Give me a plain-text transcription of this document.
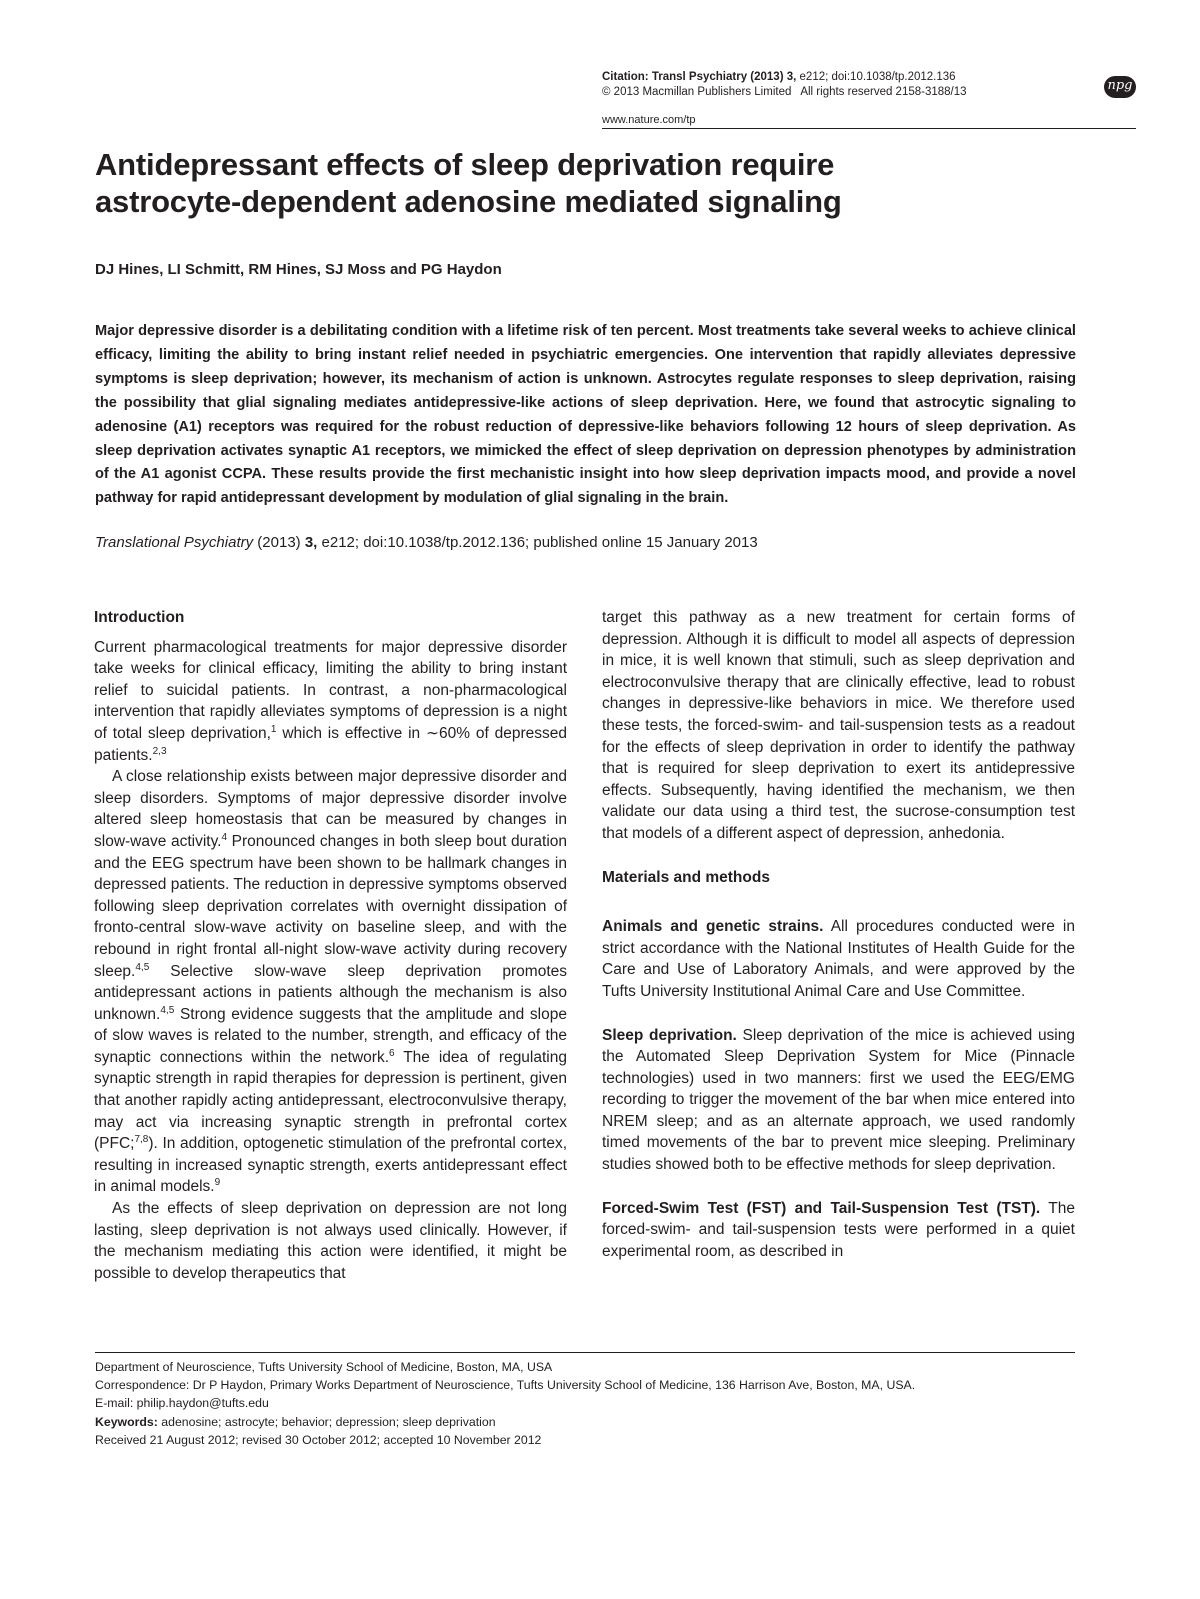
Citation: Transl Psychiatry (2013) 3, e212; doi:10.1038/tp.2012.136
© 2013 Macmillan Publishers Limited All rights reserved 2158-3188/13
www.nature.com/tp
npg
Antidepressant effects of sleep deprivation require
astrocyte-dependent adenosine mediated signaling
DJ Hines, LI Schmitt, RM Hines, SJ Moss and PG Haydon
Major depressive disorder is a debilitating condition with a lifetime risk of ten percent. Most treatments take several weeks to achieve clinical efficacy, limiting the ability to bring instant relief needed in psychiatric emergencies. One intervention that rapidly alleviates depressive symptoms is sleep deprivation; however, its mechanism of action is unknown. Astrocytes regulate responses to sleep deprivation, raising the possibility that glial signaling mediates antidepressive-like actions of sleep deprivation. Here, we found that astrocytic signaling to adenosine (A1) receptors was required for the robust reduction of depressive-like behaviors following 12 hours of sleep deprivation. As sleep deprivation activates synaptic A1 receptors, we mimicked the effect of sleep deprivation on depression phenotypes by administration of the A1 agonist CCPA. These results provide the first mechanistic insight into how sleep deprivation impacts mood, and provide a novel pathway for rapid antidepressant development by modulation of glial signaling in the brain.
Translational Psychiatry (2013) 3, e212; doi:10.1038/tp.2012.136; published online 15 January 2013
Introduction

Current pharmacological treatments for major depressive disorder take weeks for clinical efficacy, limiting the ability to bring instant relief to suicidal patients. In contrast, a non-pharmacological intervention that rapidly alleviates symptoms of depression is a night of total sleep deprivation,$^1$ which is effective in ∼60% of depressed patients.$^{2,3}$

A close relationship exists between major depressive disorder and sleep disorders. Symptoms of major depressive disorder involve altered sleep homeostasis that can be measured by changes in slow-wave activity.$^4$ Pronounced changes in both sleep bout duration and the EEG spectrum have been shown to be hallmark changes in depressed patients. The reduction in depressive symptoms observed following sleep deprivation correlates with overnight dissipation of fronto-central slow-wave activity on baseline sleep, and with the rebound in right frontal all-night slow-wave activity during recovery sleep.$^{4,5}$ Selective slow-wave sleep deprivation promotes antidepressant actions in patients although the mechanism is also unknown.$^{4,5}$ Strong evidence suggests that the amplitude and slope of slow waves is related to the number, strength, and efficacy of the synaptic connections within the network.$^6$ The idea of regulating synaptic strength in rapid therapies for depression is pertinent, given that another rapidly acting antidepressant, electroconvulsive therapy, may act via increasing synaptic strength in prefrontal cortex (PFC;$^{7,8}$). In addition, optogenetic stimulation of the prefrontal cortex, resulting in increased synaptic strength, exerts antidepressant effect in animal models.$^9$

As the effects of sleep deprivation on depression are not long lasting, sleep deprivation is not always used clinically. However, if the mechanism mediating this action were identified, it might be possible to develop therapeutics that

target this pathway as a new treatment for certain forms of depression. Although it is difficult to model all aspects of depression in mice, it is well known that stimuli, such as sleep deprivation and electroconvulsive therapy that are clinically effective, lead to robust changes in depressive-like behaviors in mice. We therefore used these tests, the forced-swim- and tail-suspension tests as a readout for the effects of sleep deprivation in order to identify the pathway that is required for sleep deprivation to exert its antidepressive effects. Subsequently, having identified the mechanism, we then validate our data using a third test, the sucrose-consumption test that models of a different aspect of depression, anhedonia.

Materials and methods

Animals and genetic strains. All procedures conducted were in strict accordance with the National Institutes of Health Guide for the Care and Use of Laboratory Animals, and were approved by the Tufts University Institutional Animal Care and Use Committee.

Sleep deprivation. Sleep deprivation of the mice is achieved using the Automated Sleep Deprivation System for Mice (Pinnacle technologies) used in two manners: first we used the EEG/EMG recording to trigger the movement of the bar when mice entered into NREM sleep; and as an alternate approach, we used randomly timed movements of the bar to prevent mice sleeping. Preliminary studies showed both to be effective methods for sleep deprivation.

Forced-Swim Test (FST) and Tail-Suspension Test (TST). The forced-swim- and tail-suspension tests were performed in a quiet experimental room, as described in

Department of Neuroscience, Tufts University School of Medicine, Boston, MA, USA
Correspondence: Dr P Haydon, Primary Works Department of Neuroscience, Tufts University School of Medicine, 136 Harrison Ave, Boston, MA, USA.
E-mail: philip.haydon@tufts.edu
Keywords: adenosine; astrocyte; behavior; depression; sleep deprivation
Received 21 August 2012; revised 30 October 2012; accepted 10 November 2012
